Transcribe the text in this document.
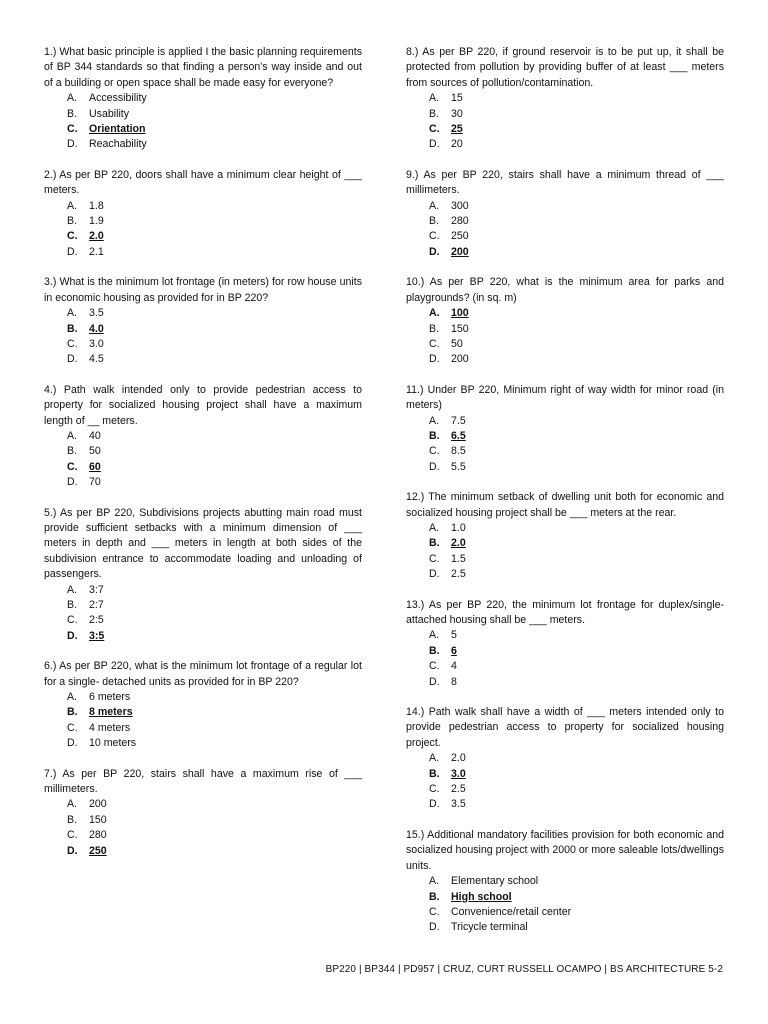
1.) What basic principle is applied I the basic planning requirements of BP 344 standards so that finding a person's way inside and out of a building or open space shall be made easy for everyone?
A.	Accessibility
B.	Usability
C.	Orientation
D.	Reachability
2.) As per BP 220, doors shall have a minimum clear height of ___ meters.
A.	1.8
B.	1.9
C.	2.0
D.	2.1
3.) What is the minimum lot frontage (in meters) for row house units in economic housing as provided for in BP 220?
A.	3.5
B.	4.0
C.	3.0
D.	4.5
4.) Path walk intended only to provide pedestrian access to property for socialized housing project shall have a maximum length of __ meters.
A.	40
B.	50
C.	60
D.	70
5.) As per BP 220, Subdivisions projects abutting main road must provide sufficient setbacks with a minimum dimension of ___ meters in depth and ___ meters in length at both sides of the subdivision entrance to accommodate loading and unloading of passengers.
A.	3:7
B.	2:7
C.	2:5
D.	3:5
6.) As per BP 220, what is the minimum lot frontage of a regular lot for a single- detached units as provided for in BP 220?
A.	6 meters
B.	8 meters
C.	4 meters
D.	10 meters
7.) As per BP 220, stairs shall have a maximum rise of ___ millimeters.
A.	200
B.	150
C.	280
D.	250
8.) As per BP 220, if ground reservoir is to be put up, it shall be protected from pollution by providing buffer of at least ___ meters from sources of pollution/contamination.
A.	15
B.	30
C.	25
D.	20
9.) As per BP 220, stairs shall have a minimum thread of ___ millimeters.
A.	300
B.	280
C.	250
D.	200
10.) As per BP 220, what is the minimum area for parks and playgrounds? (in sq. m)
A.	100
B.	150
C.	50
D.	200
11.) Under BP 220, Minimum right of way width for minor road (in meters)
A.	7.5
B.	6.5
C.	8.5
D.	5.5
12.) The minimum setback of dwelling unit both for economic and socialized housing project shall be ___ meters at the rear.
A.	1.0
B.	2.0
C.	1.5
D.	2.5
13.) As per BP 220, the minimum lot frontage for duplex/single-attached housing shall be ___ meters.
A.	5
B.	6
C.	4
D.	8
14.) Path walk shall have a width of ___ meters intended only to provide pedestrian access to property for socialized housing project.
A.	2.0
B.	3.0
C.	2.5
D.	3.5
15.) Additional mandatory facilities provision for both economic and socialized housing project with 2000 or more saleable lots/dwellings units.
A.	Elementary school
B.	High school
C.	Convenience/retail center
D.	Tricycle terminal
BP220 | BP344 | PD957 | CRUZ, CURT RUSSELL OCAMPO | BS ARCHITECTURE 5-2
